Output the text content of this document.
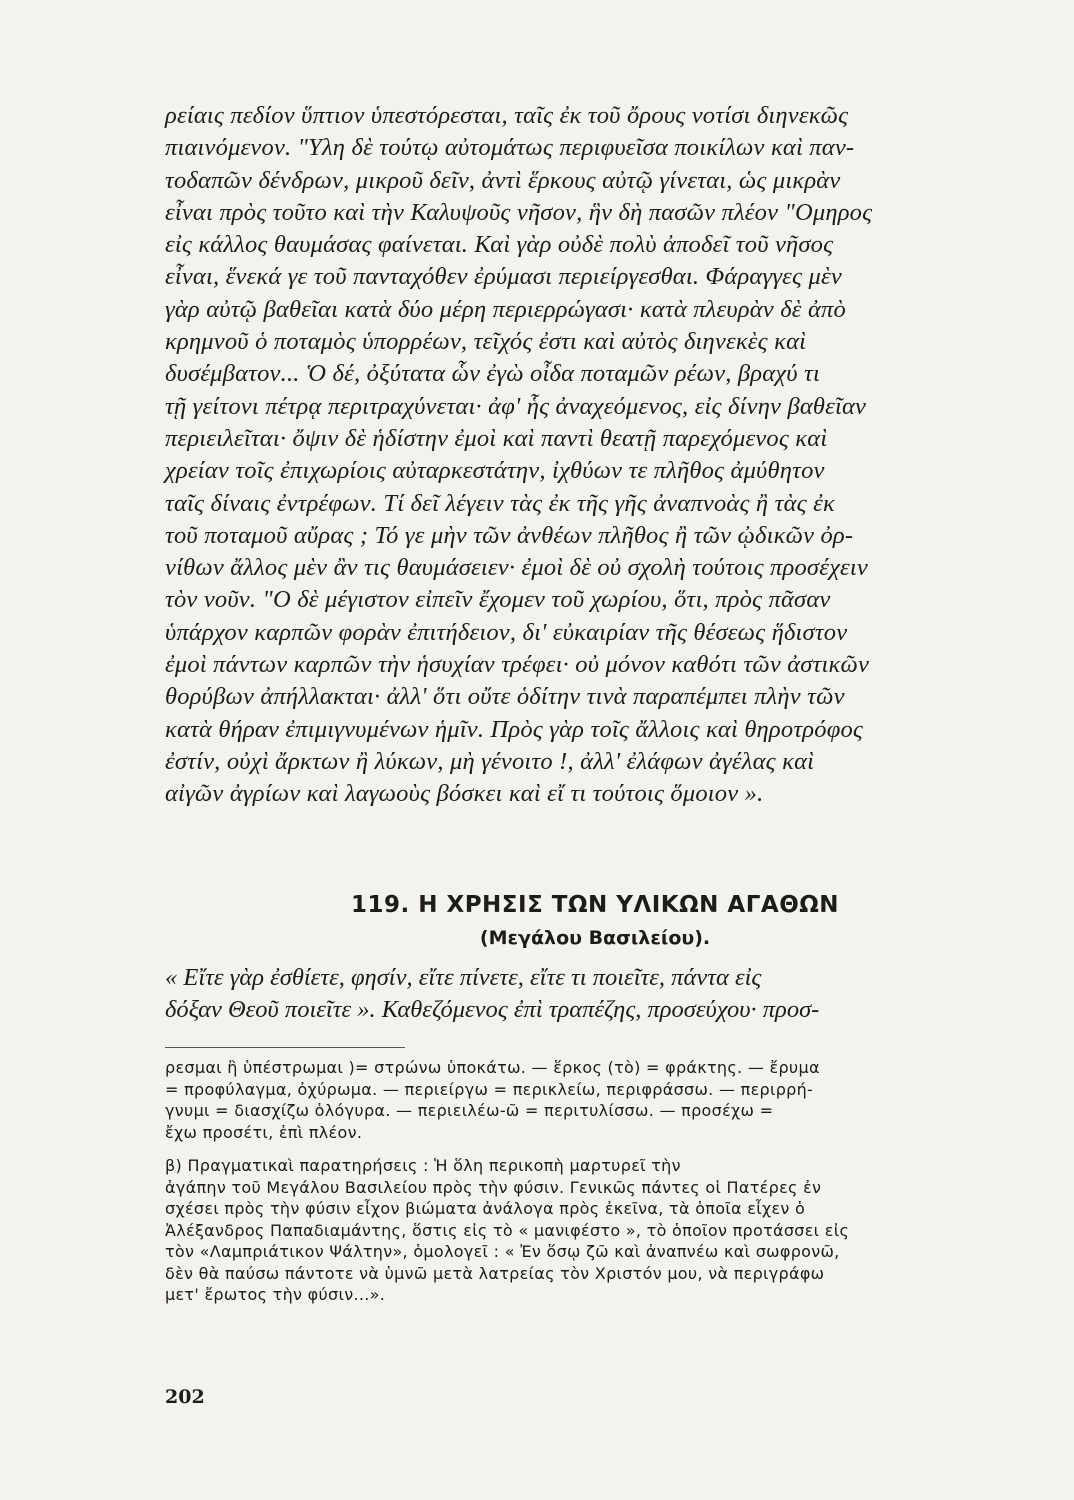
ρείαις πεδίον ὕπτιον ὑπεστόρεσται, ταῖς ἐκ τοῦ ὄρους νοτίσι διηνεκῶς
πιαινόμενον. "Υλη δὲ τούτῳ αὐτομάτως περιφυεῖσα ποικίλων καὶ παν-
τοδαπῶν δένδρων, μικροῦ δεῖν, ἀντὶ ἕρκους αὐτῷ γίνεται, ὡς μικρὰν
εἶναι πρὸς τοῦτο καὶ τὴν Καλυψοῦς νῆσον, ἣν δὴ πασῶν πλέον "Ομηρος
εἰς κάλλος θαυμάσας φαίνεται. Καὶ γὰρ οὐδὲ πολὺ ἀποδεῖ τοῦ νῆσος
εἶναι, ἕνεκά γε τοῦ πανταχόθεν ἐρύμασι περιείργεσθαι. Φάραγγες μὲν
γὰρ αὐτῷ βαθεῖαι κατὰ δύο μέρη περιερρώγασι· κατὰ πλευρὰν δὲ ἀπὸ
κρημνοῦ ὁ ποταμὸς ὑπορρέων, τεῖχός ἐστι καὶ αὐτὸς διηνεκὲς καὶ
δυσέμβατον... Ὁ δέ, ὀξύτατα ὧν ἐγὼ οἶδα ποταμῶν ρέων, βραχύ τι
τῇ γείτονι πέτρᾳ περιτραχύνεται· ἀφ' ἧς ἀναχεόμενος, εἰς δίνην βαθεῖαν
περιειλεῖται· ὄψιν δὲ ἡδίστην ἐμοὶ καὶ παντὶ θεατῇ παρεχόμενος καὶ
χρείαν τοῖς ἐπιχωρίοις αὐταρκεστάτην, ἰχθύων τε πλῆθος ἀμύθητον
ταῖς δίναις ἐντρέφων. Τί δεῖ λέγειν τὰς ἐκ τῆς γῆς ἀναπνοὰς ἢ τὰς ἐκ
τοῦ ποταμοῦ αὔρας ; Τό γε μὴν τῶν ἀνθέων πλῆθος ἢ τῶν ᾠδικῶν ὀρ-
νίθων ἄλλος μὲν ἂν τις θαυμάσειεν· ἐμοὶ δὲ οὐ σχολὴ τούτοις προσέχειν
τὸν νοῦν. "Ο δὲ μέγιστον εἰπεῖν ἔχομεν τοῦ χωρίου, ὅτι, πρὸς πᾶσαν
ὑπάρχον καρπῶν φορὰν ἐπιτήδειον, δι' εὐκαιρίαν τῆς θέσεως ἥδιστον
ἐμοὶ πάντων καρπῶν τὴν ἡσυχίαν τρέφει· οὐ μόνον καθότι τῶν ἀστικῶν
θορύβων ἀπήλλακται· ἀλλ' ὅτι οὔτε ὁδίτην τινὰ παραπέμπει πλὴν τῶν
κατὰ θήραν ἐπιμιγνυμένων ἡμῖν. Πρὸς γὰρ τοῖς ἄλλοις καὶ θηροτρόφος
ἐστίν, οὐχὶ ἄρκτων ἢ λύκων, μὴ γένοιτο !, ἀλλ' ἐλάφων ἀγέλας καὶ
αἰγῶν ἀγρίων καὶ λαγωοὺς βόσκει καὶ εἴ τι τούτοις ὅμοιον ».
119. Η ΧΡΗΣΙΣ ΤΩΝ ΥΛΙΚΩΝ ΑΓΑΘΩΝ
(Μεγάλου Βασιλείου).
« Εἴτε γὰρ ἐσθίετε, φησίν, εἴτε πίνετε, εἴτε τι ποιεῖτε, πάντα εἰς
δόξαν Θεοῦ ποιεῖτε ». Καθεζόμενος ἐπὶ τραπέζης, προσεύχου· προσ-
ρεσμαι ἢ ὑπέστρωμαι )= στρώνω ὑποκάτω. — ἕρκος (τὸ) = φράκτης. — ἔρυμα
= προφύλαγμα, ὀχύρωμα. — περιείργω = περικλείω, περιφράσσω. — περιρρή-
γνυμι = διασχίζω ὁλόγυρα. — περιειλέω-ῶ = περιτυλίσσω. — προσέχω =
ἔχω προσέτι, ἐπὶ πλέον.
β) Πραγματικαὶ παρατηρήσεις : Ἡ ὅλη περικοπὴ μαρτυρεῖ τὴν
ἀγάπην τοῦ Μεγάλου Βασιλείου πρὸς τὴν φύσιν. Γενικῶς πάντες οἱ Πατέρες ἐν
σχέσει πρὸς τὴν φύσιν εἶχον βιώματα ἀνάλογα πρὸς ἐκεῖνα, τὰ ὁποῖα εἶχεν ὁ
Ἀλέξανδρος Παπαδιαμάντης, ὅστις εἰς τὸ « μανιφέστο », τὸ ὁποῖον προτάσσει εἰς
τὸν «Λαμπριάτικον Ψάλτην», ὁμολογεῖ : « Ἐν ὅσῳ ζῶ καὶ ἀναπνέω καὶ σωφρονῶ,
δὲν θὰ παύσω πάντοτε νὰ ὑμνῶ μετὰ λατρείας τὸν Χριστόν μου, νὰ περιγράφω
μετ' ἔρωτος τὴν φύσιν...».
202
